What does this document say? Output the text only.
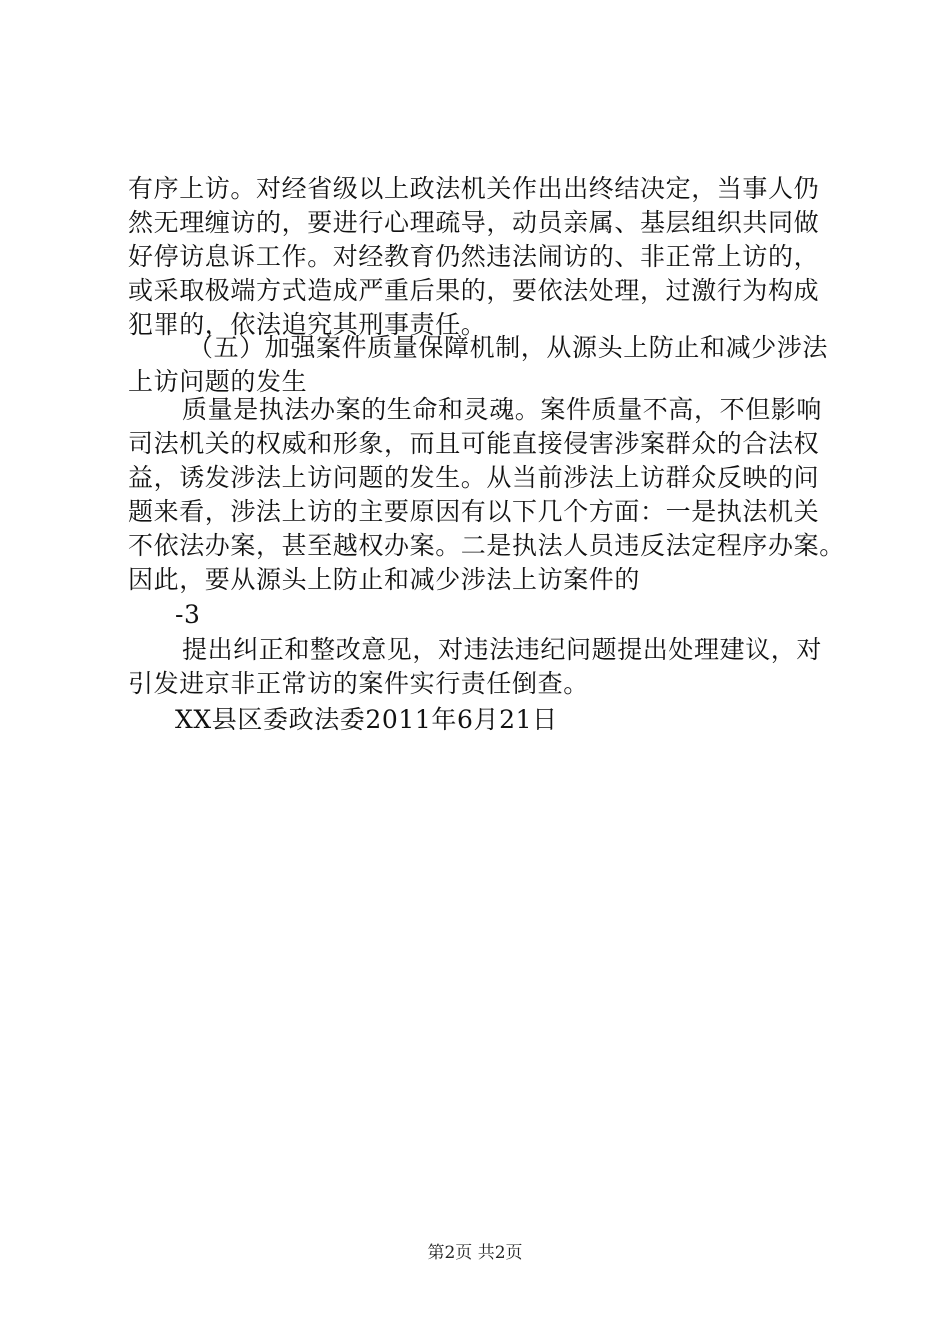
有序上访。对经省级以上政法机关作出出终结决定，当事人仍
然无理缠访的，要进行心理疏导，动员亲属、基层组织共同做
好停访息诉工作。对经教育仍然违法闹访的、非正常上访的，
或采取极端方式造成严重后果的，要依法处理，过激行为构成
犯罪的，依法追究其刑事责任。
（五）加强案件质量保障机制，从源头上防止和减少涉法
上访问题的发生
质量是执法办案的生命和灵魂。案件质量不高，不但影响
司法机关的权威和形象，而且可能直接侵害涉案群众的合法权
益，诱发涉法上访问题的发生。从当前涉法上访群众反映的问
题来看，涉法上访的主要原因有以下几个方面：一是执法机关
不依法办案，甚至越权办案。二是执法人员违反法定程序办案。
因此，要从源头上防止和减少涉法上访案件的
-3
提出纠正和整改意见，对违法违纪问题提出处理建议，对
引发进京非正常访的案件实行责任倒查。
XX县区委政法委2011年6月21日
第2页 共2页
